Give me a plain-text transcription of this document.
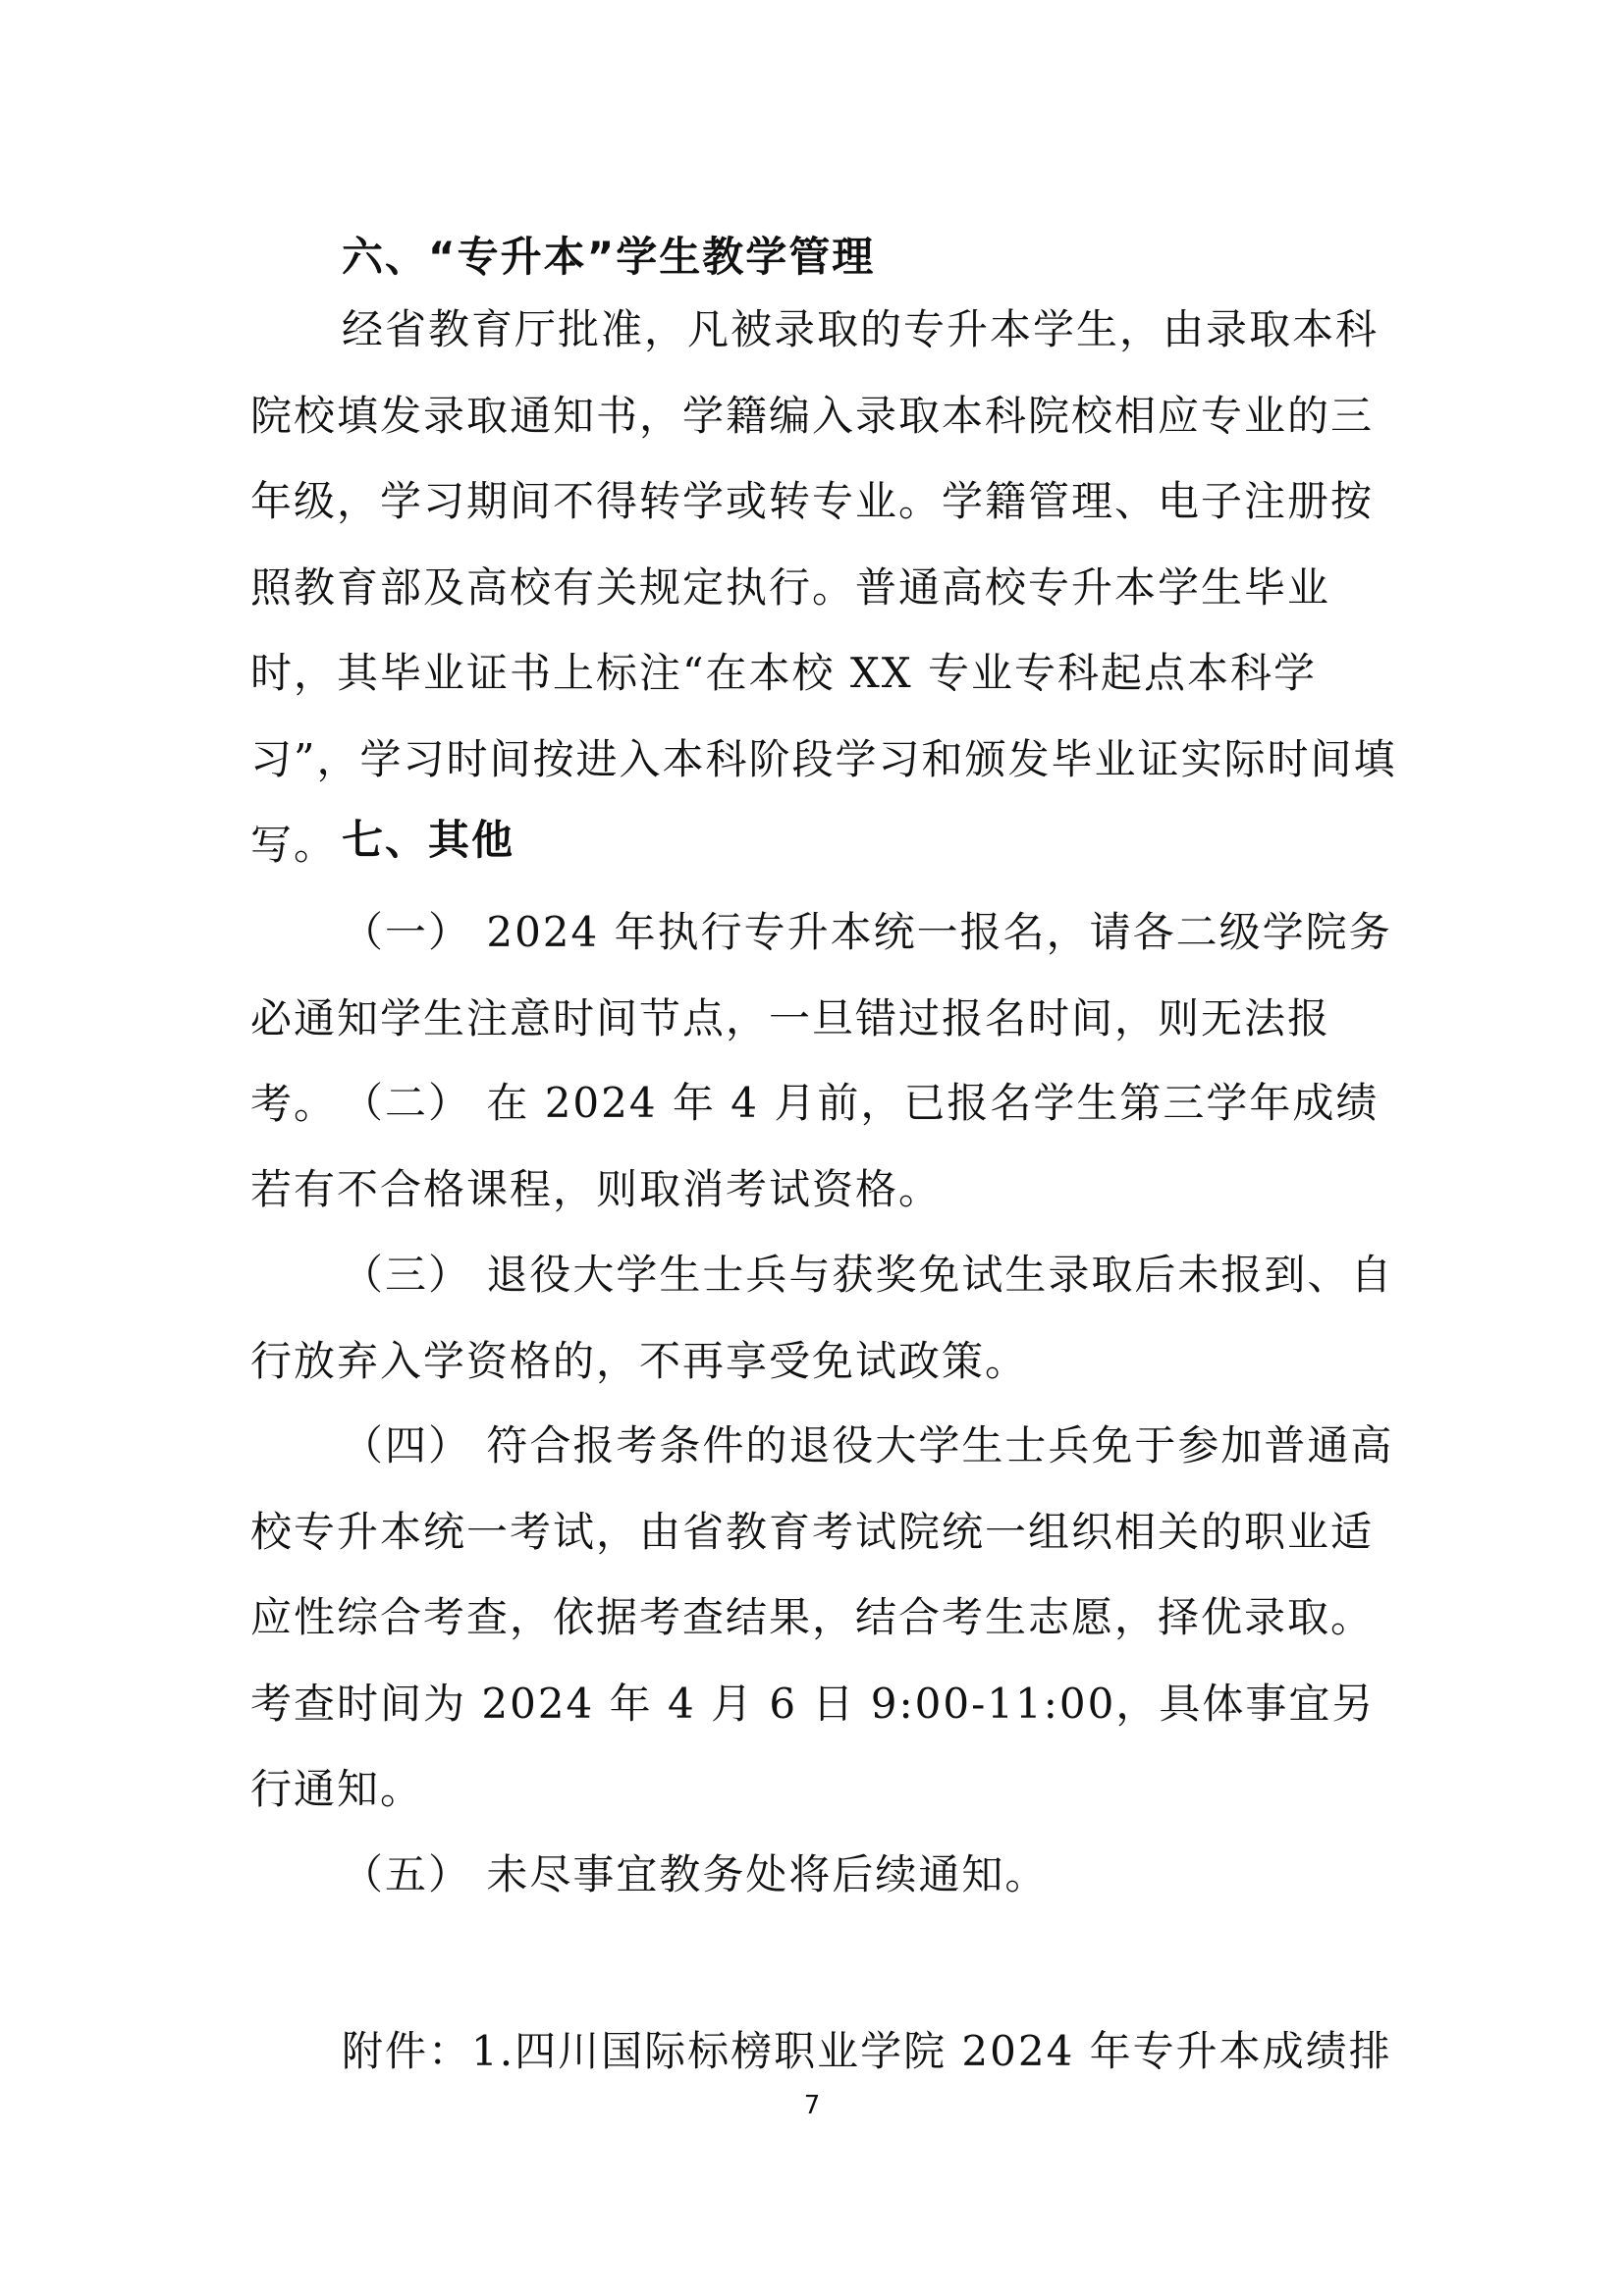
六、“专升本”学生教学管理

经省教育厅批准，凡被录取的专升本学生，由录取本科院校填发录取通知书，学籍编入录取本科院校相应专业的三年级，学习期间不得转学或转专业。学籍管理、电子注册按照教育部及高校有关规定执行。普通高校专升本学生毕业时，其毕业证书上标注“在本校 XX 专业专科起点本科学习”，学习时间按进入本科阶段学习和颁发毕业证实际时间填写。 七、其他

（一） 2024 年执行专升本统一报名，请各二级学院务必通知学生注意时间节点，一旦错过报名时间，则无法报考。 （二） 在 2024 年 4 月前，已报名学生第三学年成绩若有不合格课程，则取消考试资格。

（三） 退役大学生士兵与获奖免试生录取后未报到、自行放弃入学资格的，不再享受免试政策。

（四） 符合报考条件的退役大学生士兵免于参加普通高校专升本统一考试，由省教育考试院统一组织相关的职业适应性综合考查，依据考查结果，结合考生志愿，择优录取。考查时间为 2024 年 4 月 6 日 9:00-11:00，具体事宜另行通知。

（五） 未尽事宜教务处将后续通知。

附件：1.四川国际标榜职业学院 2024 年专升本成绩排
7
